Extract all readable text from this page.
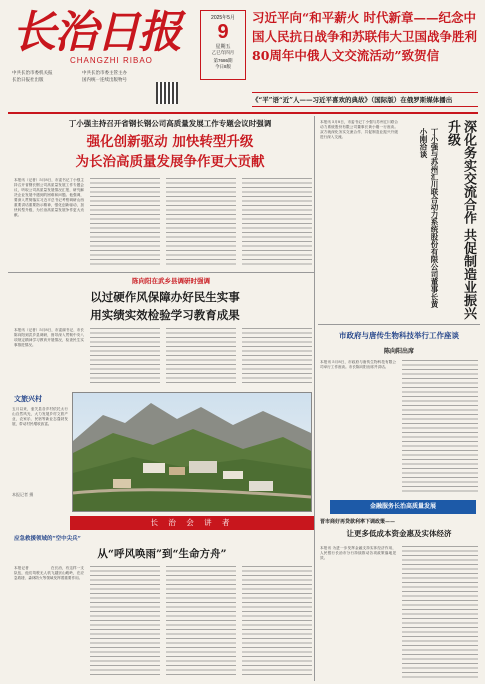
长治日报
CHANGZHI RIBAO
中共长治市委机关报	中共长治市委主管主办
长治日报社出版	国内统一连续出版物号
2025年5月
9
星期五
乙巳年四月
第7686期
今日8版
习近平向“和平薪火 时代新章——纪念中国人民抗日战争和苏联伟大卫国战争胜利80周年中俄人文交流活动”致贺信
《“平”语“近”人——习近平喜欢的典故》（国际版）在俄罗斯媒体播出
丁小强主持召开省钢长钢公司高质量发展工作专题会议时强调
强化创新驱动 加快转型升级
为长治高质量发展争作更大贡献
本报讯（记者）5月8日，市委书记丁小强主持召开省钢长钢公司高质量发展工作专题会议，听取公司高质量发展情况汇报，研究解决企业发展中遇到的困难和问题。他强调，要深入贯彻落实习近平总书记考察调研山西重要讲话重要指示精神，强化创新驱动，加快转型升级，为长治高质量发展争作更大贡献。	深化务实交流合作 共促制造业振兴升级
丁小强与苏州汇川联合动力系统股份有限公司董事长黄小刚洽谈
本报讯 5月8日，市委书记丁小强与苏州汇川联合动力系统股份有限公司董事长黄小刚一行座谈。双方就深化务实交流合作、共促制造业振兴升级进行深入交流。
陈向阳在武乡县调研时强调
以过硬作风保障办好民生实事
用实绩实效检验学习教育成果
本报讯（记者）5月8日，市委副书记、市长陈向阳到武乡县调研，督导深入贯彻中央八项规定精神学习教育开展情况，检查民生实事推进情况。
文旅兴村
五月以来，壶关县各乡村依托太行山自然风光，大力发展乡村文旅产业，农家乐、民宿等新业态蓬勃发展，带动村民增收致富。
本报记者 摄
长 治 会 讲 者
应急救援领域的“空中尖兵”
从“呼风唤雨”到“生命方舟”
本报记者　　　　　　在长治，有这样一支队伍，他们驾驶无人机飞越崇山峻岭，在应急救援、森林防火等领域发挥着重要作用。
市政府与唐传生物科技举行工作座谈
陈向阳出席
本报讯 5月8日，市政府与唐传生物科技有限公司举行工作座谈。市长陈向阳出席并讲话。
金融服务长治高质量发展
晋市商好再贷款利率下调政策——
让更多低成本资金惠及实体经济
本报讯 为进一步发挥金融支持实体经济作用，人民银行长治市分行持续推动各项政策落地见效。
